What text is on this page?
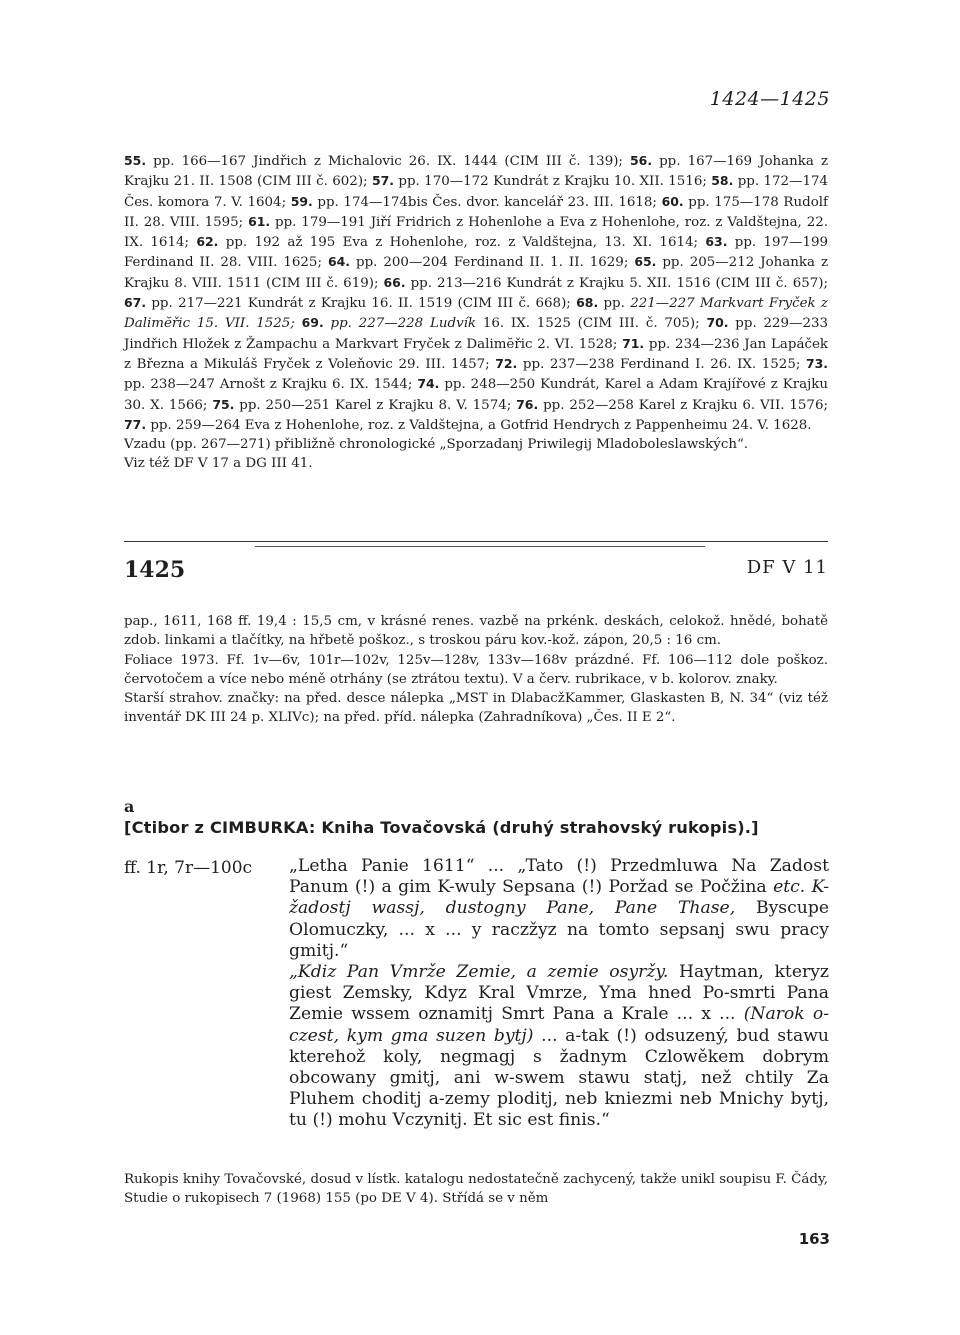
1424—1425

55. pp. 166—167 Jindřich z Michalovic 26. IX. 1444 (CIM III č. 139); 56. pp. 167—169 Johanka z Krajku 21. II. 1508 (CIM III č. 602); 57. pp. 170—172 Kundrát z Krajku 10. XII. 1516; 58. pp. 172—174 Čes. komora 7. V. 1604; 59. pp. 174—174bis Čes. dvor. kancelář 23. III. 1618; 60. pp. 175—178 Rudolf II. 28. VIII. 1595; 61. pp. 179—191 Jiří Fridrich z Hohenlohe a Eva z Hohenlohe, roz. z Valdštejna, 22. IX. 1614; 62. pp. 192 až 195 Eva z Hohenlohe, roz. z Valdštejna, 13. XI. 1614; 63. pp. 197—199 Ferdinand II. 28. VIII. 1625; 64. pp. 200—204 Ferdinand II. 1. II. 1629; 65. pp. 205—212 Johanka z Krajku 8. VIII. 1511 (CIM III č. 619); 66. pp. 213—216 Kundrát z Krajku 5. XII. 1516 (CIM III č. 657); 67. pp. 217—221 Kundrát z Krajku 16. II. 1519 (CIM III č. 668); 68. pp. 221—227 Markvart Fryček z Dalimĕřic 15. VII. 1525; 69. pp. 227—228 Ludvík 16. IX. 1525 (CIM III. č. 705); 70. pp. 229—233 Jindřich Hložek z Žampachu a Markvart Fryček z Dalimĕřic 2. VI. 1528; 71. pp. 234—236 Jan Lapáček z Března a Mikuláš Fryček z Voleňovic 29. III. 1457; 72. pp. 237—238 Ferdinand I. 26. IX. 1525; 73. pp. 238—247 Arnošt z Krajku 6. IX. 1544; 74. pp. 248—250 Kundrát, Karel a Adam Krajířové z Krajku 30. X. 1566; 75. pp. 250—251 Karel z Krajku 8. V. 1574; 76. pp. 252—258 Karel z Krajku 6. VII. 1576; 77. pp. 259—264 Eva z Hohenlohe, roz. z Valdštejna, a Gotfrid Hendrych z Pappenheimu 24. V. 1628.

Vzadu (pp. 267—271) přibližně chronologické „Sporzadanj Priwilegij Mladoboleslawských“.

Viz též DF V 17 a DG III 41.

1425	DF V 11

pap., 1611, 168 ff. 19,4 : 15,5 cm, v krásné renes. vazbě na prkénk. deskách, celokož. hnědé, bohatě zdob. linkami a tlačítky, na hřbetě poškoz., s troskou páru kov.-kož. zápon, 20,5 : 16 cm.

Foliace 1973. Ff. 1v—6v, 101r—102v, 125v—128v, 133v—168v prázdné. Ff. 106—112 dole poškoz. červotočem a více nebo méně otrhány (se ztrátou textu). V a červ. rubrikace, v b. kolorov. znaky.

Starší strahov. značky: na před. desce nálepka „MST in DlabacžKammer, Glaskasten B, N. 34“ (viz též inventář DK III 24 p. XLIVc); na před. příd. nálepka (Zahradníkova) „Čes. II E 2“.

a
[Ctibor z CIMBURKA: Kniha Tovačovská (druhý strahovský rukopis).]
ff. 1r, 7r—100c „Letha Panie 1611“ ... „Tato (!) Przedmluwa Na Zadost Panum (!) a gim K-wuly Sepsana (!) Poržad se Počžina etc. K-žadostj wassj, dustogny Pane, Pane Thase, Byscupe Olomuczky, ... x ... y raczžyz na tomto sepsanj swu pracy gmitj.“

„Kdiz Pan Vmrže Zemie, a zemie osyržy. Haytman, kteryz giest Zemsky, Kdyz Kral Vmrze, Yma hned Po-smrti Pana Zemie wssem oznamitj Smrt Pana a Krale ... x ... (Narok o-czest, kym gma suzen bytj) ... a-tak (!) odsuzený, bud stawu kterehož koly, negmagj s žadnym Czlowěkem dobrym obcowany gmitj, ani w-swem stawu statj, než chtily Za Pluhem choditj a-zemy ploditj, neb kniezmi neb Mnichy bytj, tu (!) mohu Vczynitj. Et sic est finis.“

Rukopis knihy Tovačovské, dosud v lístk. katalogu nedostatečně zachycený, takže unikl soupisu F. Čády, Studie o rukopisech 7 (1968) 155 (po DE V 4). Střídá se v něm

163
